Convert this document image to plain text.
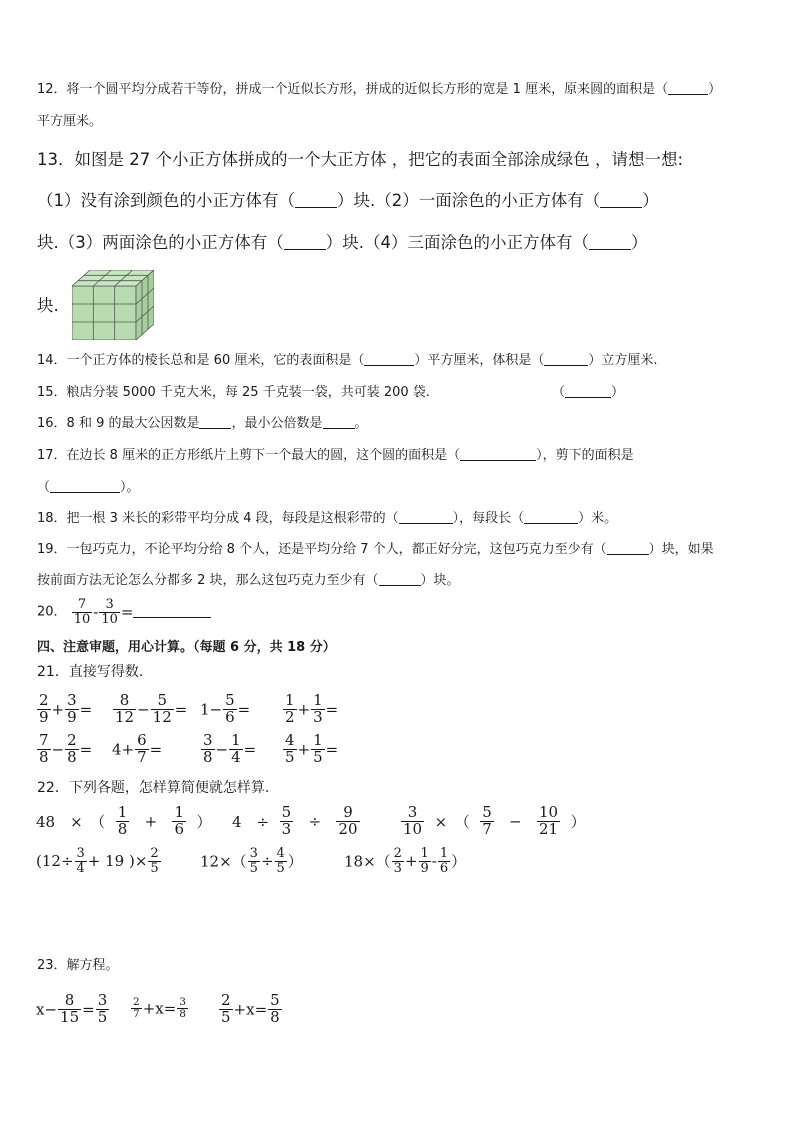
12．将一个圆平均分成若干等份，拼成一个近似长方形，拼成的近似长方形的宽是 1 厘米，原来圆的面积是（	）
平方厘米。
13．如图是 27 个小正方体拼成的一个大正方体 ，把它的表面全部涂成绿色 ，请想一想:
（1）没有涂到颜色的小正方体有（	）块.（2）一面涂色的小正方体有（	）
块.（3）两面涂色的小正方体有（	）块.（4）三面涂色的小正方体有（	）
块.
14．一个正方体的棱长总和是 60 厘米，它的表面积是（	）平方厘米，体积是（	）立方厘米.
15．粮店分装 5000 千克大米，每 25 千克装一袋，共可装 200 袋.	（	）
16．8 和 9 的最大公因数是 ，最小公倍数是 。
17．在边长 8 厘米的正方形纸片上剪下一个最大的圆，这个圆的面积是（	），剪下的面积是
（	）。
18．把一根 3 米长的彩带平均分成 4 段，每段是这根彩带的（	），每段长（	）米。
19．一包巧克力，不论平均分给 8 个人，还是平均分给 7 个人，都正好分完，这包巧克力至少有（	）块，如果
按前面方法无论怎么分都多 2 块，那么这包巧克力至少有（	）块。
20． $\frac{7}{10} - \frac{3}{10}$ =
四、注意审题，用心计算。（每题 6 分，共 18 分）
21．直接写得数.
$\frac{2}{9} + \frac{3}{9} = \frac{8}{12} - \frac{5}{12} = 1- \frac{5}{6} = \frac{1}{2} + \frac{1}{3}$ =
$\frac{7}{8} - \frac{2}{8} = 4+ \frac{6}{7}$ =	$\frac{3}{8} - \frac{1}{4} = \frac{4}{5} + \frac{1}{5}$ =
22．下列各题，怎样算简便就怎样算.
48　×　（ $\frac{1}{8} + \frac{1}{6}$ ） 4　÷ $\frac{5}{3} \div \frac{9}{20}$	$\frac{3}{10}$ ×　（ $\frac{5}{7} - \frac{10}{21}$ ）
($12\div \frac{3}{4} + 19$ )× $\frac{2}{5}$	$12\times( \frac{3}{5} \div \frac{4}{5}$ ）	$18\times( \frac{2}{3} + \frac{1}{9} - \frac{1}{6}$ ）
23．解方程。
$x- \frac{8}{15} = \frac{3}{5} \frac{2}{7} +x= \frac{3}{8} \frac{2}{5} +x= \frac{5}{8}$
